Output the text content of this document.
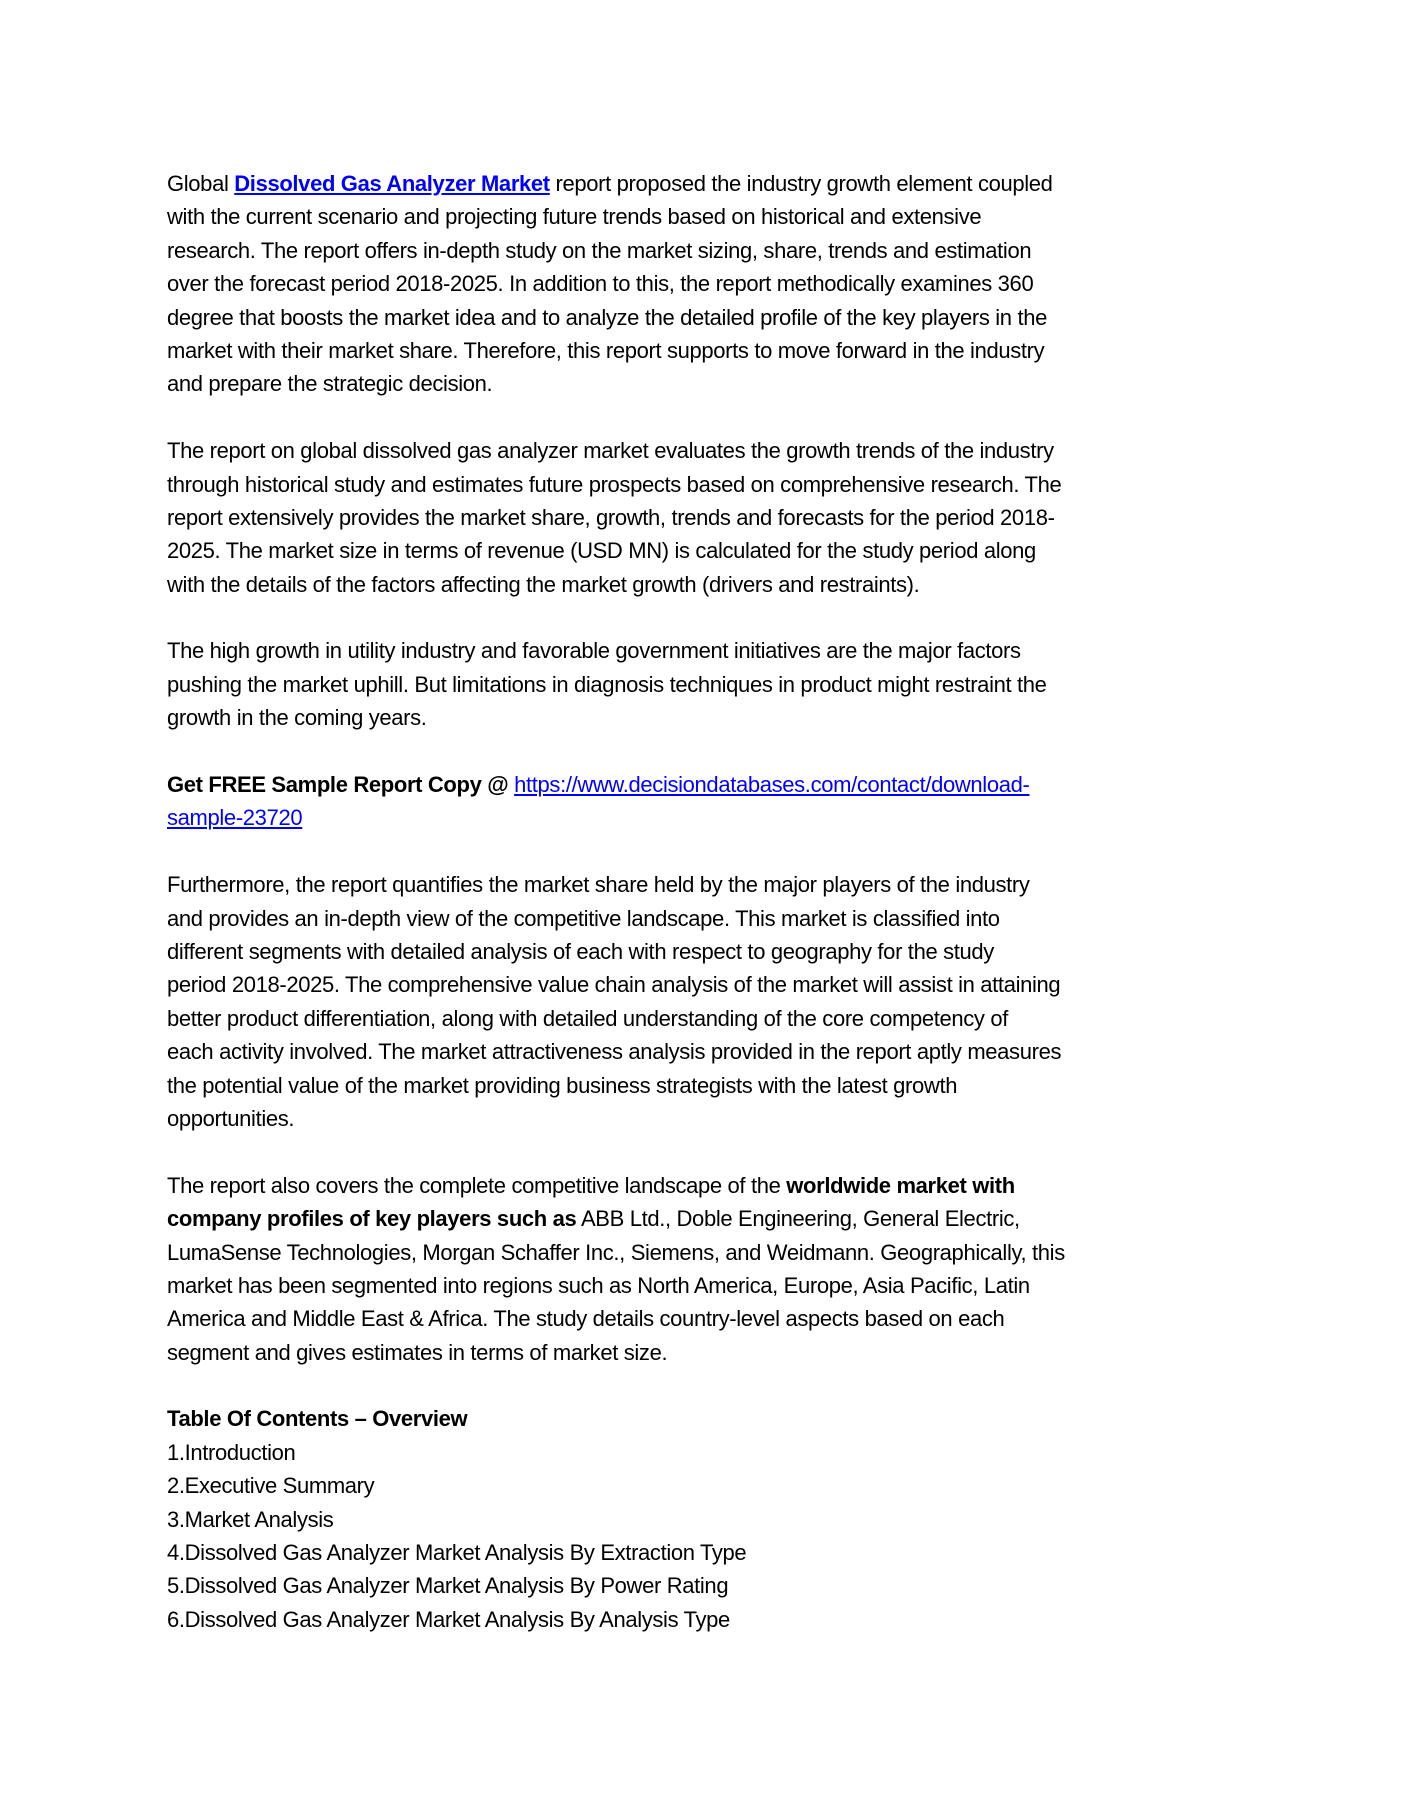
Global Dissolved Gas Analyzer Market report proposed the industry growth element coupled
with the current scenario and projecting future trends based on historical and extensive
research. The report offers in-depth study on the market sizing, share, trends and estimation
over the forecast period 2018-2025. In addition to this, the report methodically examines 360
degree that boosts the market idea and to analyze the detailed profile of the key players in the
market with their market share. Therefore, this report supports to move forward in the industry
and prepare the strategic decision.
The report on global dissolved gas analyzer market evaluates the growth trends of the industry
through historical study and estimates future prospects based on comprehensive research. The
report extensively provides the market share, growth, trends and forecasts for the period 2018-
2025. The market size in terms of revenue (USD MN) is calculated for the study period along
with the details of the factors affecting the market growth (drivers and restraints).
The high growth in utility industry and favorable government initiatives are the major factors
pushing the market uphill. But limitations in diagnosis techniques in product might restraint the
growth in the coming years.
Get FREE Sample Report Copy @ https://www.decisiondatabases.com/contact/download-
sample-23720
Furthermore, the report quantifies the market share held by the major players of the industry
and provides an in-depth view of the competitive landscape. This market is classified into
different segments with detailed analysis of each with respect to geography for the study
period 2018-2025. The comprehensive value chain analysis of the market will assist in attaining
better product differentiation, along with detailed understanding of the core competency of
each activity involved. The market attractiveness analysis provided in the report aptly measures
the potential value of the market providing business strategists with the latest growth
opportunities.
The report also covers the complete competitive landscape of the worldwide market with
company profiles of key players such as ABB Ltd., Doble Engineering, General Electric,
LumaSense Technologies, Morgan Schaffer Inc., Siemens, and Weidmann. Geographically, this
market has been segmented into regions such as North America, Europe, Asia Pacific, Latin
America and Middle East & Africa. The study details country-level aspects based on each
segment and gives estimates in terms of market size.
Table Of Contents – Overview
1.Introduction
2.Executive Summary
3.Market Analysis
4.Dissolved Gas Analyzer Market Analysis By Extraction Type
5.Dissolved Gas Analyzer Market Analysis By Power Rating
6.Dissolved Gas Analyzer Market Analysis By Analysis Type
